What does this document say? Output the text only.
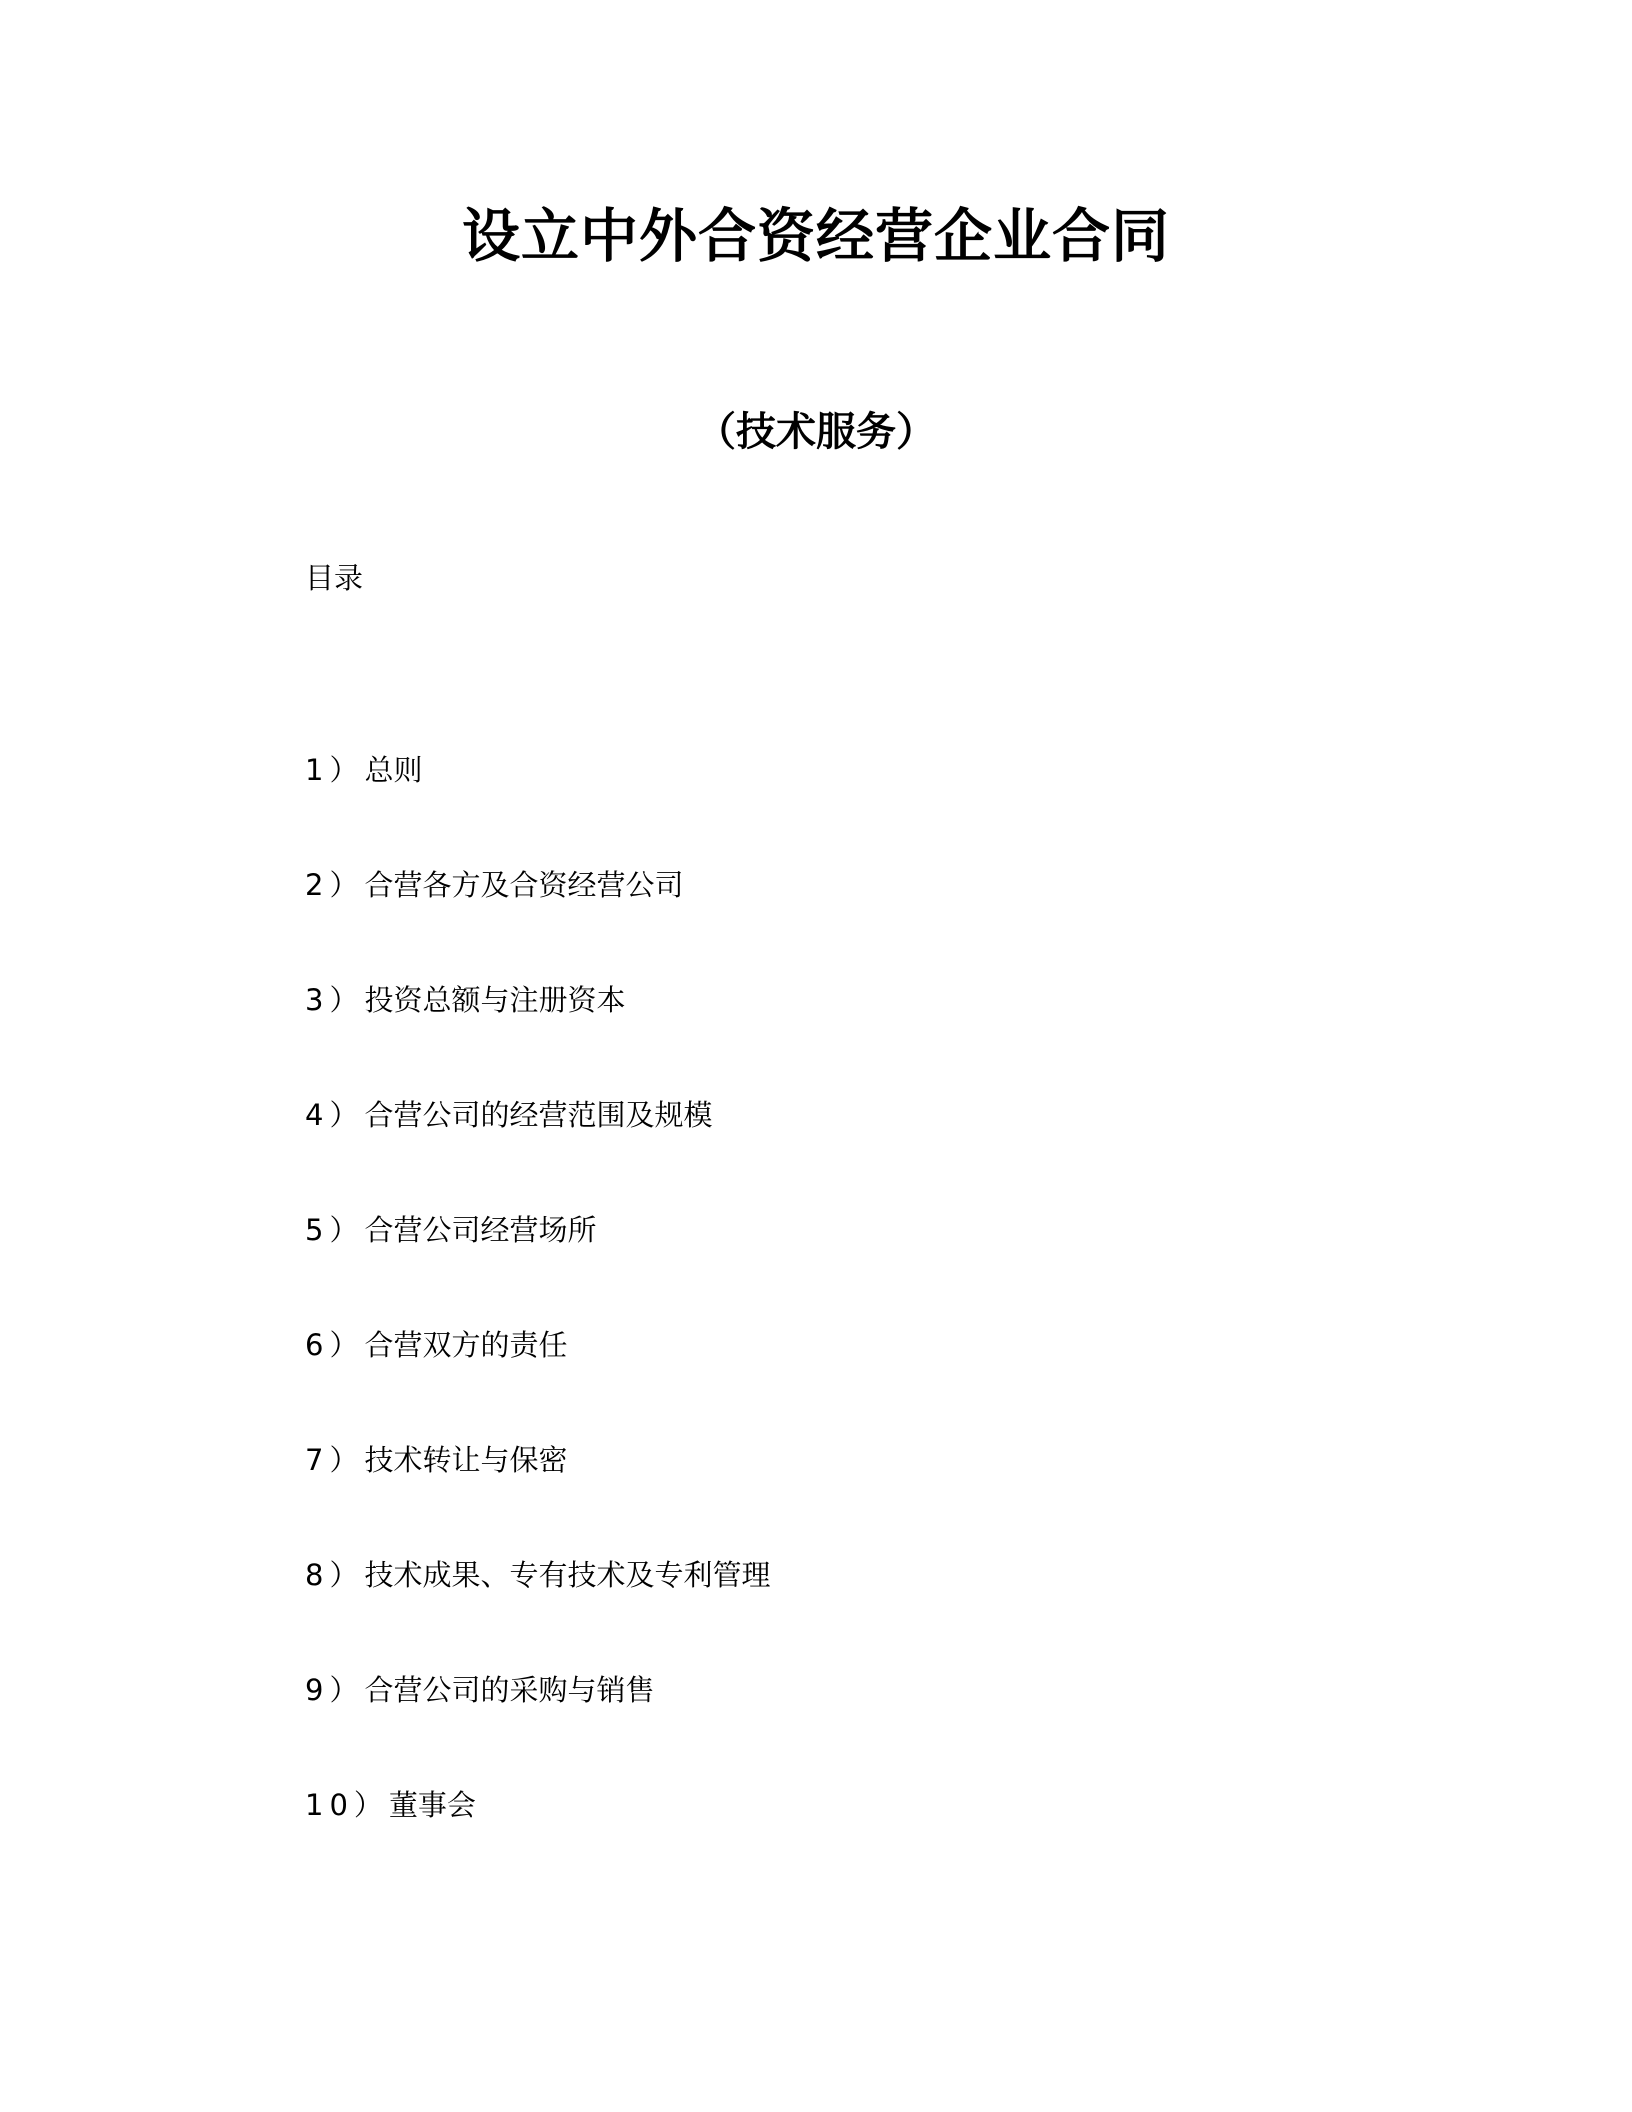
设立中外合资经营企业合同
（技术服务）
目录
1）总则
2）合营各方及合资经营公司
3）投资总额与注册资本
4）合营公司的经营范围及规模
5）合营公司经营场所
6）合营双方的责任
7）技术转让与保密
8）技术成果、专有技术及专利管理
9）合营公司的采购与销售
10）董事会
